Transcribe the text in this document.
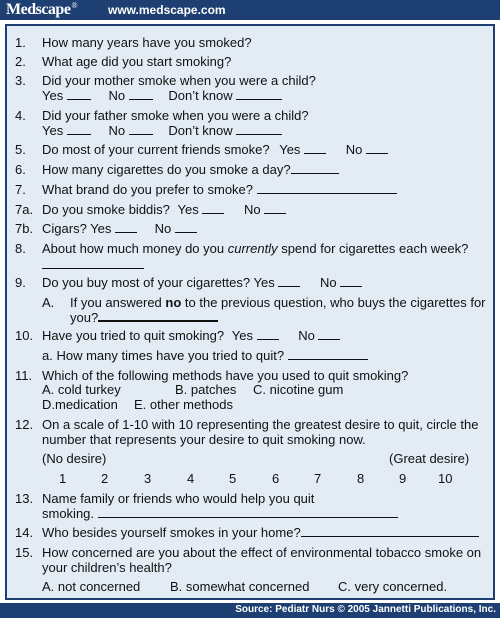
Medscape®	www.medscape.com
1. How many years have you smoked?
2. What age did you start smoking?
3. Did your mother smoke when you were a child?
Yes	No	Don’t know
4. Did your father smoke when you were a child?
Yes	No	Don’t know
5. Do most of your current friends smoke? Yes	No
6. How many cigarettes do you smoke a day?
7. What brand do you prefer to smoke?
7a. Do you smoke biddis? Yes	No
7b. Cigars? Yes	No
8. About how much money do you currently spend for cigarettes each week?
9. Do you buy most of your cigarettes? Yes	No
A. If you answered no to the previous question, who buys the cigarettes for
you?
10. Have you tried to quit smoking? Yes	No
a. How many times have you tried to quit?
11. Which of the following methods have you used to quit smoking?
A. cold turkey	B. patches C. nicotine gum
D.medication E. other methods
12. On a scale of 1-10 with 10 representing the greatest desire to quit, circle the
number that represents your desire to quit smoking now.
(No desire)	(Great desire)
1	2	3	4	5	6	7	8	9 10
13. Name family or friends who would help you quit
smoking.
14. Who besides yourself smokes in your home?
15. How concerned are you about the effect of environmental tobacco smoke on
your children’s health?
A. not concerned B. somewhat concerned C. very concerned.
Source: Pediatr Nurs © 2005 Jannetti Publications, Inc.
